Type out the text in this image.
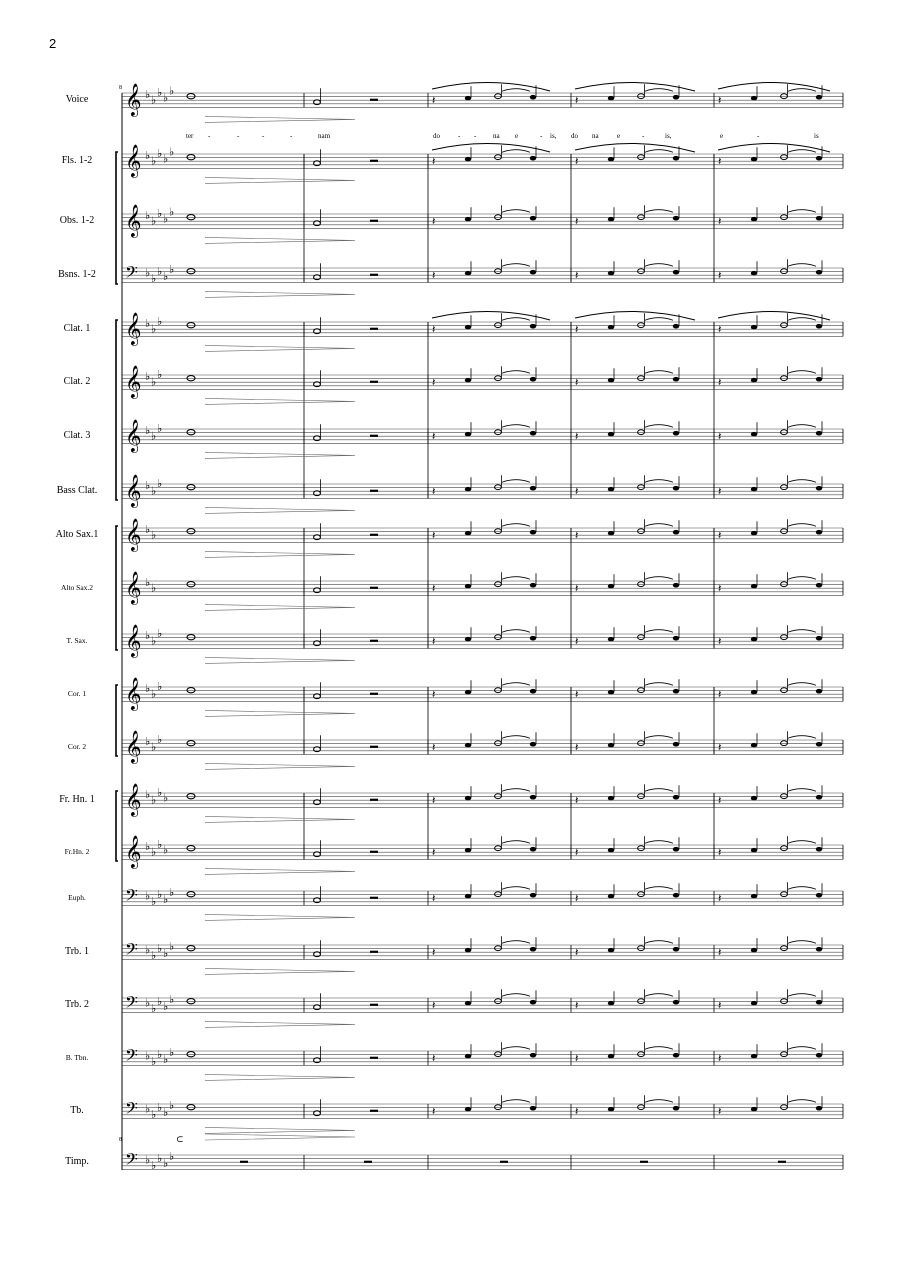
2
Voice
Fls. 1-2
Obs. 1-2
Bsns. 1-2
Clat. 1
Clat. 2
Clat. 3
Bass Clat.
Alto Sax.1
Alto Sax.2
T. Sax.
Cor. 1
Cor. 2
Fr. Hn. 1
Fr.Hn. 2
Euph.
Trb. 1
Trb. 2
B. Tbn.
Tb.
Timp.
ter -	-	-	-	nam	do	- - na e	- is, do na	e	-	is,	e	-	is
𝄞 ♭ ♭
♭ ♭
♭
𝄽	𝄽	𝄽
𝄞 ♭ ♭
♭ ♭
♭
𝄽	𝄽	𝄽
𝄞 ♭ ♭
♭ ♭
♭
𝄽	𝄽	𝄽
𝄢 ♭ ♭
♭ ♭
♭
𝄽	𝄽	𝄽
𝄞 ♭ ♭
♭
𝄽	𝄽	𝄽
𝄞 ♭ ♭
♭
𝄽	𝄽	𝄽
𝄞 ♭ ♭
♭
𝄽	𝄽	𝄽
𝄞 ♭ ♭
♭
𝄽	𝄽	𝄽
𝄞 ♭ ♭	𝄽	𝄽	𝄽
𝄞 ♭ ♭	𝄽	𝄽	𝄽
𝄞 ♭ ♭
♭
𝄽	𝄽	𝄽
𝄞 ♭ ♭
♭
𝄽	𝄽	𝄽
𝄞 ♭ ♭
♭
𝄽	𝄽	𝄽
𝄞 ♭ ♭
♭ ♭	𝄽	𝄽	𝄽
𝄞 ♭ ♭
♭ ♭	𝄽	𝄽	𝄽
𝄢 ♭ ♭
♭ ♭
♭
𝄽	𝄽	𝄽
𝄢 ♭ ♭
♭ ♭
♭
𝄽	𝄽	𝄽
𝄢 ♭ ♭
♭ ♭
♭
𝄽	𝄽	𝄽
𝄢 ♭ ♭
♭ ♭
♭
𝄽	𝄽	𝄽
𝄢 ♭ ♭
♭ ♭
♭
𝄽	𝄽	𝄽
𝄢 ♭ ♭
♭ ♭
♭
8
8	⊂
